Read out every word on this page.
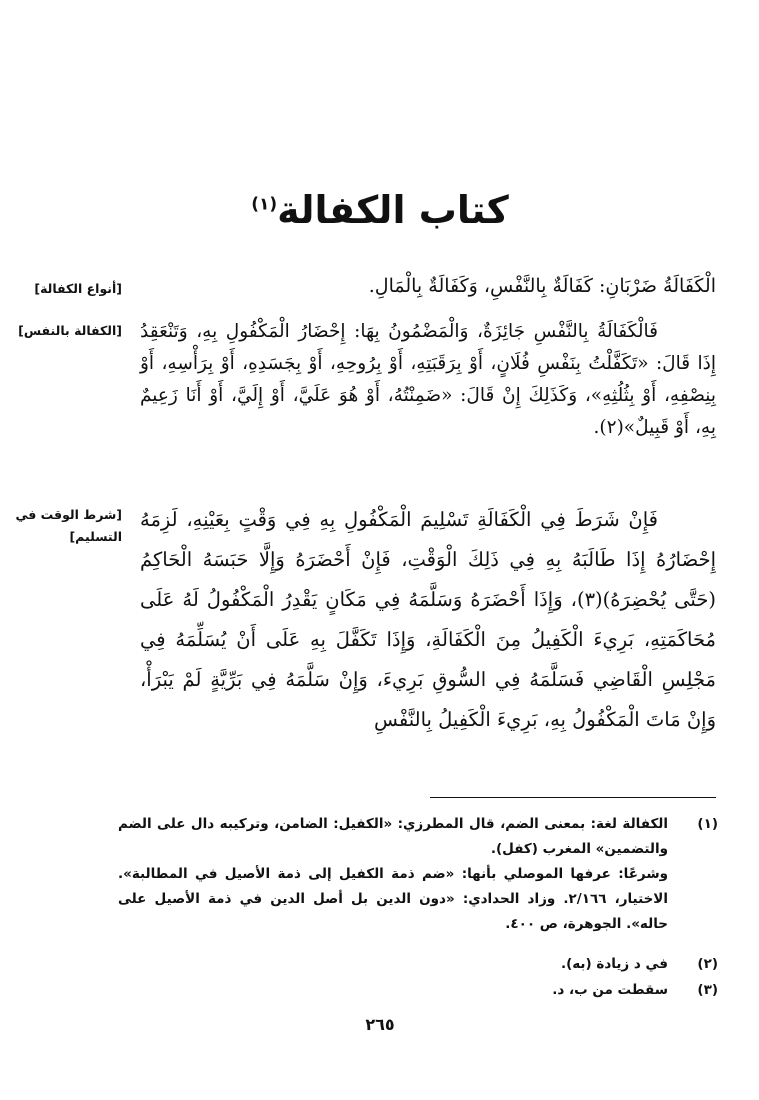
كتاب الكفالة$^{(١)}$
[أنواع الكفالة]
[الكفالة بالنفس]
[شرط الوقت في التسليم]
الْكَفَالَةُ ضَرْبَانِ: كَفَالَةٌ بِالنَّفْسِ، وَكَفَالَةٌ بِالْمَالِ.
فَالْكَفَالَةُ بِالنَّفْسِ جَائِزَةٌ، وَالْمَضْمُونُ بِهَا: إِحْضَارُ الْمَكْفُولِ بِهِ، وَتَنْعَقِدُ إِذَا قَالَ: «تَكَفَّلْتُ بِنَفْسِ فُلَانٍ، أَوْ بِرَقَبَتِهِ، أَوْ بِرُوحِهِ، أَوْ بِجَسَدِهِ، أَوْ بِرَأْسِهِ، أَوْ بِنِصْفِهِ، أَوْ بِثُلُثِهِ»، وَكَذَلِكَ إِنْ قَالَ: «ضَمِنْتُهُ، أَوْ هُوَ عَلَيَّ، أَوْ إِلَيَّ، أَوْ أَنَا زَعِيمٌ بِهِ، أَوْ قَبِيلٌ»(٢).
فَإِنْ شَرَطَ فِي الْكَفَالَةِ تَسْلِيمَ الْمَكْفُولِ بِهِ فِي وَقْتٍ بِعَيْنِهِ، لَزِمَهُ إِحْضَارُهُ إِذَا طَالَبَهُ بِهِ فِي ذَلِكَ الْوَقْتِ، فَإِنْ أَحْضَرَهُ وَإِلَّا حَبَسَهُ الْحَاكِمُ (حَتَّى يُحْضِرَهُ)(٣)، وَإِذَا أَحْضَرَهُ وَسَلَّمَهُ فِي مَكَانٍ يَقْدِرُ الْمَكْفُولُ لَهُ عَلَى مُحَاكَمَتِهِ، بَرِيءَ الْكَفِيلُ مِنَ الْكَفَالَةِ، وَإِذَا تَكَفَّلَ بِهِ عَلَى أَنْ يُسَلِّمَهُ فِي مَجْلِسِ الْقَاضِي فَسَلَّمَهُ فِي السُّوقِ بَرِيءَ، وَإِنْ سَلَّمَهُ فِي بَرِّيَّةٍ لَمْ يَبْرَأْ، وَإِنْ مَاتَ الْمَكْفُولُ بِهِ، بَرِيءَ الْكَفِيلُ بِالنَّفْسِ
(١)
الكفالة لغة: بمعنى الضم، قال المطرزي: «الكفيل: الضامن، وتركيبه دال على الضم والتضمين» المغرب (كفل).
وشرعًا: عرفها الموصلي بأنها: «ضم ذمة الكفيل إلى ذمة الأصيل في المطالبة». الاختيار، ٢/١٦٦. وزاد الحدادي: «دون الدين بل أصل الدين في ذمة الأصيل على حاله». الجوهرة، ص ٤٠٠.
(٢)
في د زيادة (به).
(٣)
سقطت من ب، د.
٢٦٥
